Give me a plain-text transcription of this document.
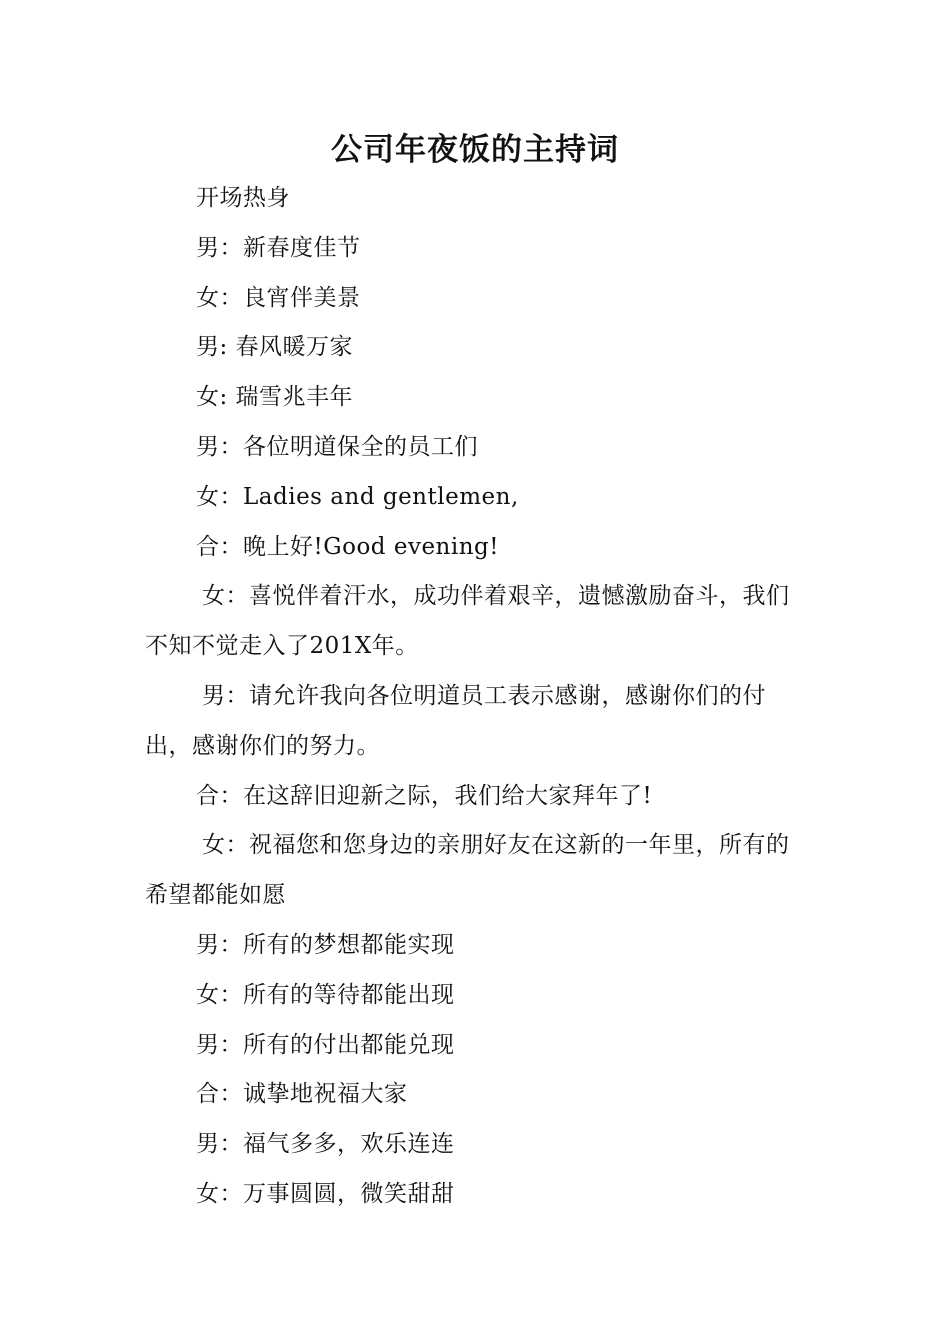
公司年夜饭的主持词

开场热身

男：新春度佳节

女：良宵伴美景

男: 春风暖万家

女: 瑞雪兆丰年

男：各位明道保全的员工们

女：Ladies and gentlemen,

合：晚上好!Good evening!

女：喜悦伴着汗水，成功伴着艰辛，遗憾激励奋斗，我们不知不觉走入了201X年。

男：请允许我向各位明道员工表示感谢，感谢你们的付出，感谢你们的努力。

合：在这辞旧迎新之际，我们给大家拜年了!

女：祝福您和您身边的亲朋好友在这新的一年里，所有的希望都能如愿

男：所有的梦想都能实现

女：所有的等待都能出现

男：所有的付出都能兑现

合：诚挚地祝福大家

男：福气多多，欢乐连连

女：万事圆圆，微笑甜甜
